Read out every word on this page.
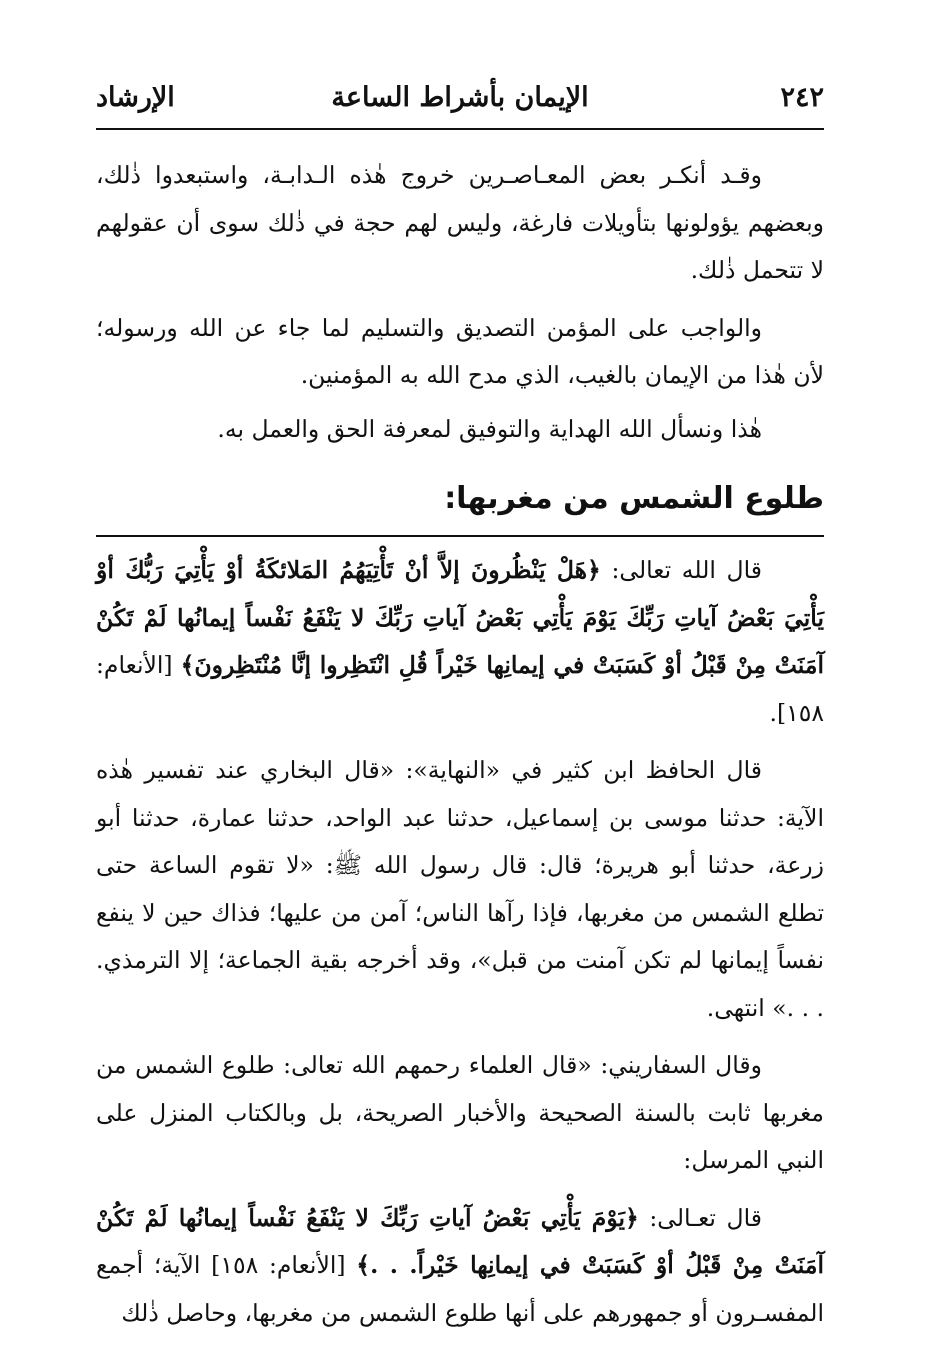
٢٤٢
الإيمان بأشراط الساعة
الإرشاد

وقـد أنكـر بعض المعـاصـرين خروج هٰذه الـدابـة، واستبعدوا ذٰلك، وبعضهم يؤولونها بتأويلات فارغة، وليس لهم حجة في ذٰلك سوى أن عقولهم لا تتحمل ذٰلك.

والواجب على المؤمن التصديق والتسليم لما جاء عن الله ورسوله؛ لأن هٰذا من الإيمان بالغيب، الذي مدح الله به المؤمنين.

هٰذا ونسأل الله الهداية والتوفيق لمعرفة الحق والعمل به.

طلوع الشمس من مغربها:

قال الله تعالى: ﴿هَلْ يَنْظُرونَ إلاَّ أنْ تَأْتِيَهُمُ المَلائكَةُ أوْ يَأْتِيَ رَبُّكَ أوْ يَأْتِيَ بَعْضُ آياتِ رَبِّكَ يَوْمَ يَأْتِي بَعْضُ آياتِ رَبِّكَ لا يَنْفَعُ نَفْساً إيمانُها لَمْ تَكُنْ آمَنَتْ مِنْ قَبْلُ أوْ كَسَبَتْ في إيمانِها خَيْراً قُلِ انْتَظِروا إنَّا مُنْتَظِرونَ﴾ [الأنعام: ١٥٨].

قال الحافظ ابن كثير في «النهاية»: «قال البخاري عند تفسير هٰذه الآية: حدثنا موسى بن إسماعيل، حدثنا عبد الواحد، حدثنا عمارة، حدثنا أبو زرعة، حدثنا أبو هريرة؛ قال: قال رسول الله ﷺ: «لا تقوم الساعة حتى تطلع الشمس من مغربها، فإذا رآها الناس؛ آمن من عليها؛ فذاك حين لا ينفع نفساً إيمانها لم تكن آمنت من قبل»، وقد أخرجه بقية الجماعة؛ إلا الترمذي. . . .» انتهى.

وقال السفاريني: «قال العلماء رحمهم الله تعالى: طلوع الشمس من مغربها ثابت بالسنة الصحيحة والأخبار الصريحة، بل وبالكتاب المنزل على النبي المرسل:

قال تعـالى: ﴿يَوْمَ يَأْتِي بَعْضُ آياتِ رَبِّكَ لا يَنْفَعُ نَفْساً إيمانُها لَمْ تَكُنْ آمَنَتْ مِنْ قَبْلُ أوْ كَسَبَتْ في إيمانِها خَيْراً. . .﴾ [الأنعام: ١٥٨] الآية؛ أجمع المفسـرون أو جمهورهم على أنها طلوع الشمس من مغربها، وحاصل ذٰلك
